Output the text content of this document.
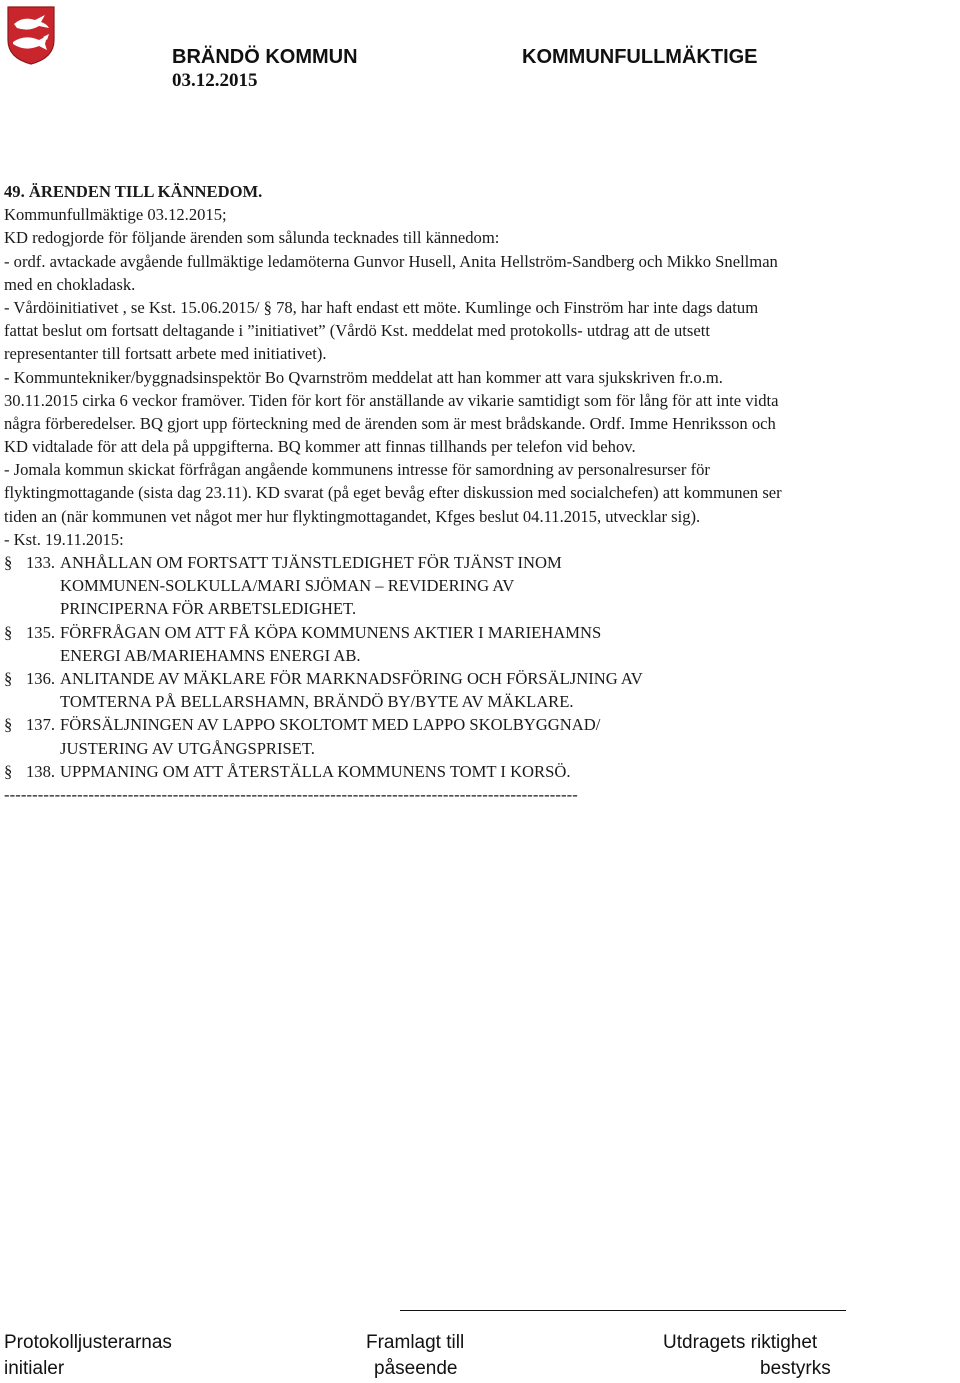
BRÄNDÖ KOMMUN	KOMMUNFULLMÄKTIGE
03.12.2015
49. ÄRENDEN TILL KÄNNEDOM.
Kommunfullmäktige 03.12.2015;
KD redogjorde för följande ärenden som sålunda tecknades till kännedom:
- ordf. avtackade avgående fullmäktige ledamöterna Gunvor Husell, Anita Hellström-Sandberg och Mikko Snellman
med en chokladask.
- Vårdöinitiativet , se Kst. 15.06.2015/ § 78, har haft endast ett möte. Kumlinge och Finström har inte dags datum
fattat beslut om fortsatt deltagande i ”initiativet” (Vårdö Kst. meddelat med protokolls- utdrag att de utsett
representanter till fortsatt arbete med initiativet).
- Kommuntekniker/byggnadsinspektör Bo Qvarnström meddelat att han kommer att vara sjukskriven fr.o.m.
30.11.2015 cirka 6 veckor framöver. Tiden för kort för anställande av vikarie samtidigt som för lång för att inte vidta
några förberedelser. BQ gjort upp förteckning med de ärenden som är mest brådskande. Ordf. Imme Henriksson och
KD vidtalade för att dela på uppgifterna. BQ kommer att finnas tillhands per telefon vid behov.
- Jomala kommun skickat förfrågan angående kommunens intresse för samordning av personalresurser för
flyktingmottagande (sista dag 23.11). KD svarat (på eget bevåg efter diskussion med socialchefen) att kommunen ser
tiden an (när kommunen vet något mer hur flyktingmottagandet, Kfges beslut 04.11.2015, utvecklar sig).
- Kst. 19.11.2015:
§ 133. ANHÅLLAN OM FORTSATT TJÄNSTLEDIGHET FÖR TJÄNST INOM
KOMMUNEN-SOLKULLA/MARI SJÖMAN – REVIDERING AV
PRINCIPERNA FÖR ARBETSLEDIGHET.
§ 135. FÖRFRÅGAN OM ATT FÅ KÖPA KOMMUNENS AKTIER I MARIEHAMNS
ENERGI AB/MARIEHAMNS ENERGI AB.
§ 136. ANLITANDE AV MÄKLARE FÖR MARKNADSFÖRING OCH FÖRSÄLJNING AV
TOMTERNA PÅ BELLARSHAMN, BRÄNDÖ BY/BYTE AV MÄKLARE.
§ 137. FÖRSÄLJNINGEN AV LAPPO SKOLTOMT MED LAPPO SKOLBYGGNAD/
JUSTERING AV UTGÅNGSPRISET.
§ 138. UPPMANING OM ATT ÅTERSTÄLLA KOMMUNENS TOMT I KORSÖ.
------------------------------------------------------------------------------------------------------
Protokolljusterarnas
initialer
Framlagt till
påseende
Utdragets riktighet
bestyrks
